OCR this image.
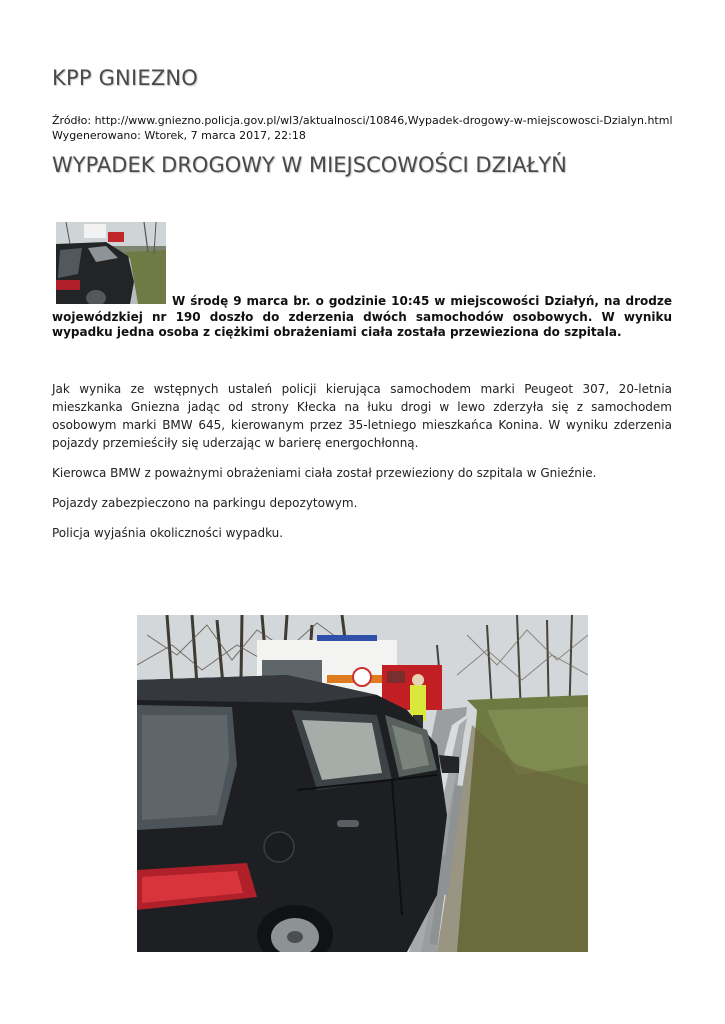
KPP GNIEZNO
Źródło: http://www.gniezno.policja.gov.pl/wl3/aktualnosci/10846,Wypadek-drogowy-w-miejscowosci-Dzialyn.html
Wygenerowano: Wtorek, 7 marca 2017, 22:18
WYPADEK DROGOWY W MIEJSCOWOŚCI DZIAŁYŃ

W środę 9 marca br. o godzinie 10:45 w miejscowości Działyń, na drodze wojewódzkiej nr 190 doszło do zderzenia dwóch samochodów osobowych. W wyniku wypadku jedna osoba z ciężkimi obrażeniami ciała została przewieziona do szpitala.

Jak wynika ze wstępnych ustaleń policji kierująca samochodem marki Peugeot 307, 20-letnia mieszkanka Gniezna jadąc od strony Kłecka na łuku drogi w lewo zderzyła się z samochodem osobowym marki BMW 645, kierowanym przez 35-letniego mieszkańca Konina. W wyniku zderzenia pojazdy przemieściły się uderzając w barierę energochłonną.

Kierowca BMW z poważnymi obrażeniami ciała został przewieziony do szpitala w Gnieźnie.

Pojazdy zabezpieczono na parkingu depozytowym.

Policja wyjaśnia okoliczności wypadku.
